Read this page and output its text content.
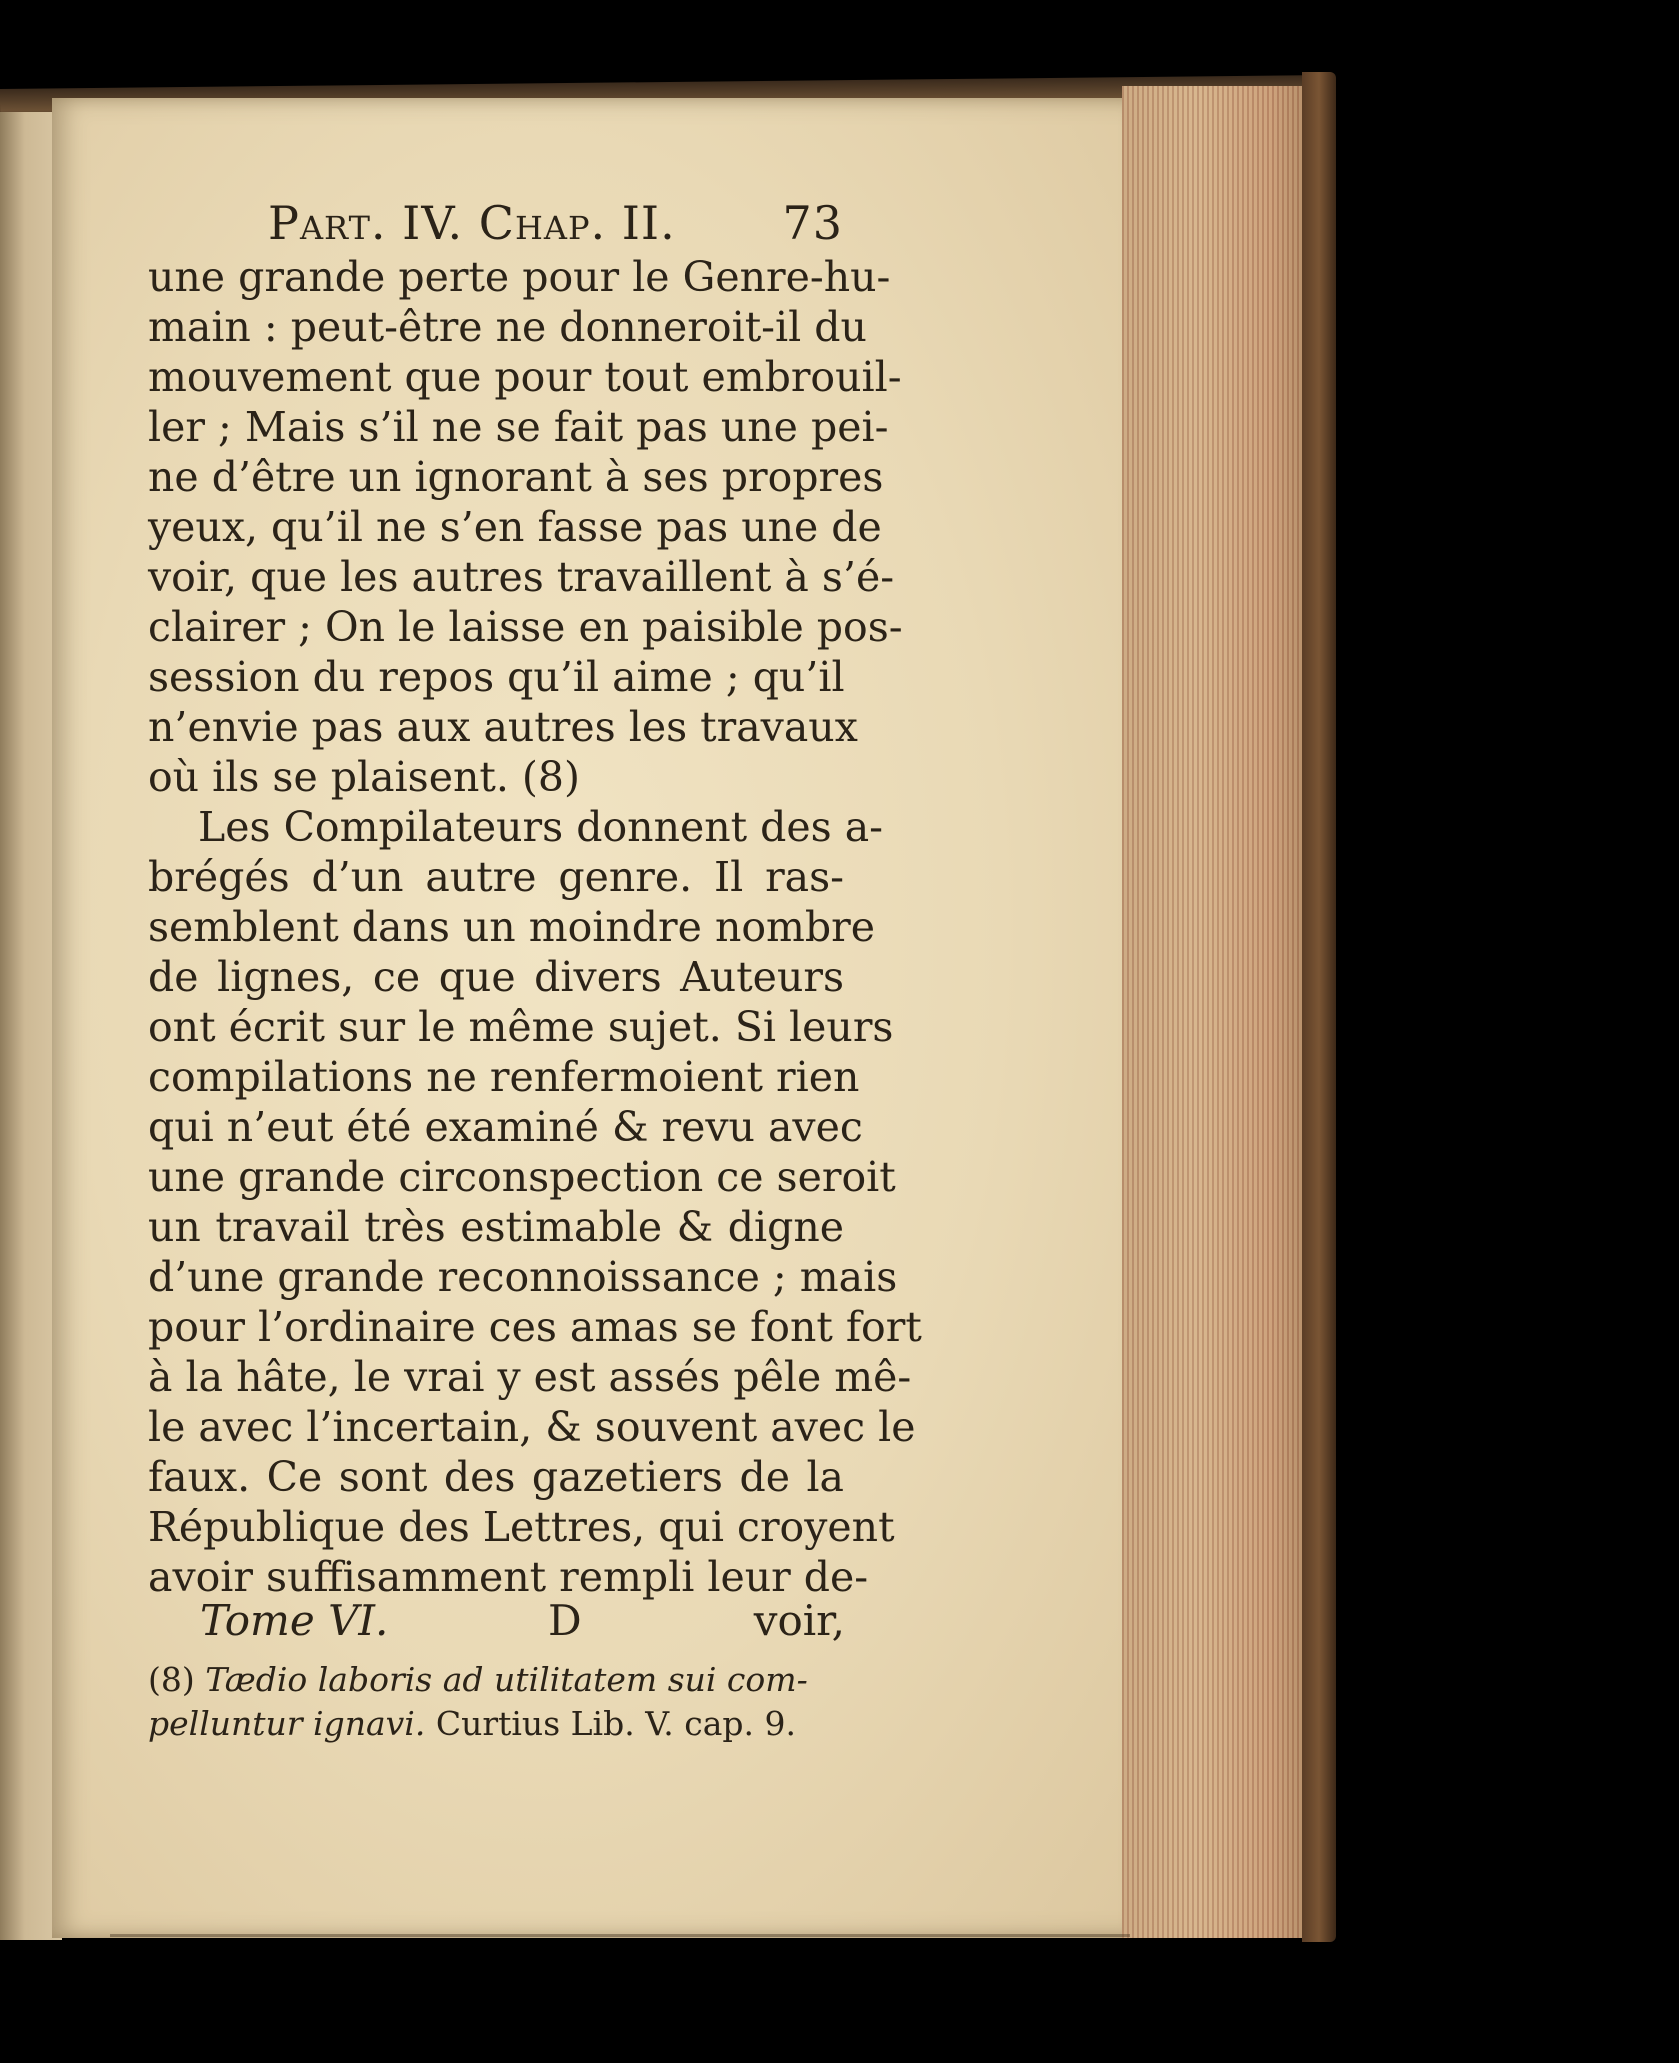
Part. IV. Chap. II. 73
une grande perte pour le Genre-hu-
main : peut-être ne donneroit-il du
mouvement que pour tout embrouil-
ler ; Mais s’il ne se fait pas une pei-
ne d’être un ignorant à ses propres
yeux, qu’il ne s’en fasse pas une de
voir, que les autres travaillent à s’é-
clairer ; On le laisse en paisible pos-
session du repos qu’il aime ; qu’il
n’envie pas aux autres les travaux
où ils se plaisent. (8)
Les Compilateurs donnent des a-
brégés d’un autre genre. Il ras-
semblent dans un moindre nombre
de lignes, ce que divers Auteurs
ont écrit sur le même sujet. Si leurs
compilations ne renfermoient rien
qui n’eut été examiné & revu avec
une grande circonspection ce seroit
un travail très estimable & digne
d’une grande reconnoissance ; mais
pour l’ordinaire ces amas se font fort
à la hâte, le vrai y est assés pêle mê-
le avec l’incertain, & souvent avec le
faux. Ce sont des gazetiers de la
République des Lettres, qui croyent
avoir suffisamment rempli leur de-
Tome VI.	D	voir,
(8) Tædio laboris ad utilitatem sui com-
pelluntur ignavi. Curtius Lib. V. cap. 9.
